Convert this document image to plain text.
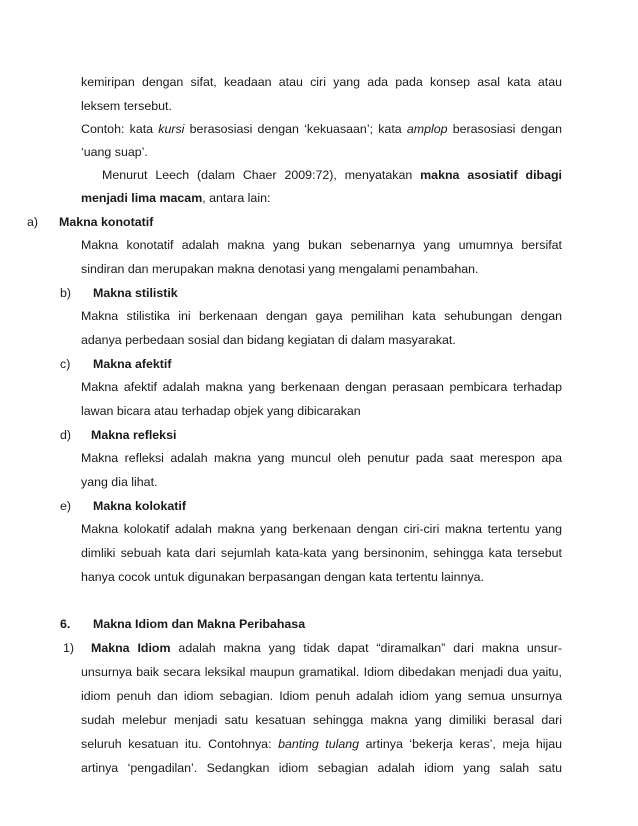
kemiripan dengan sifat, keadaan atau ciri yang ada pada konsep asal kata atau
leksem tersebut.
Contoh: kata kursi berasosiasi dengan ‘kekuasaan’; kata amplop berasosiasi dengan
‘uang suap’.
Menurut Leech (dalam Chaer 2009:72), menyatakan makna asosiatif dibagi
menjadi lima macam, antara lain:
a) Makna konotatif
Makna konotatif adalah makna yang bukan sebenarnya yang umumnya bersifat
sindiran dan merupakan makna denotasi yang mengalami penambahan.
b) Makna stilistik
Makna stilistika ini berkenaan dengan gaya pemilihan kata sehubungan dengan
adanya perbedaan sosial dan bidang kegiatan di dalam masyarakat.
c) Makna afektif
Makna afektif adalah makna yang berkenaan dengan perasaan pembicara terhadap
lawan bicara atau terhadap objek yang dibicarakan
d) Makna refleksi
Makna refleksi adalah makna yang muncul oleh penutur pada saat merespon apa
yang dia lihat.
e) Makna kolokatif
Makna kolokatif adalah makna yang berkenaan dengan ciri-ciri makna tertentu yang
dimliki sebuah kata dari sejumlah kata-kata yang bersinonim, sehingga kata tersebut
hanya cocok untuk digunakan berpasangan dengan kata tertentu lainnya.
6. Makna Idiom dan Makna Peribahasa
1) Makna Idiom adalah makna yang tidak dapat “diramalkan” dari makna unsur-
unsurnya baik secara leksikal maupun gramatikal. Idiom dibedakan menjadi dua yaitu,
idiom penuh dan idiom sebagian. Idiom penuh adalah idiom yang semua unsurnya
sudah melebur menjadi satu kesatuan sehingga makna yang dimiliki berasal dari
seluruh kesatuan itu. Contohnya: banting tulang artinya ‘bekerja keras’, meja hijau
artinya ‘pengadilan’. Sedangkan idiom sebagian adalah idiom yang salah satu
